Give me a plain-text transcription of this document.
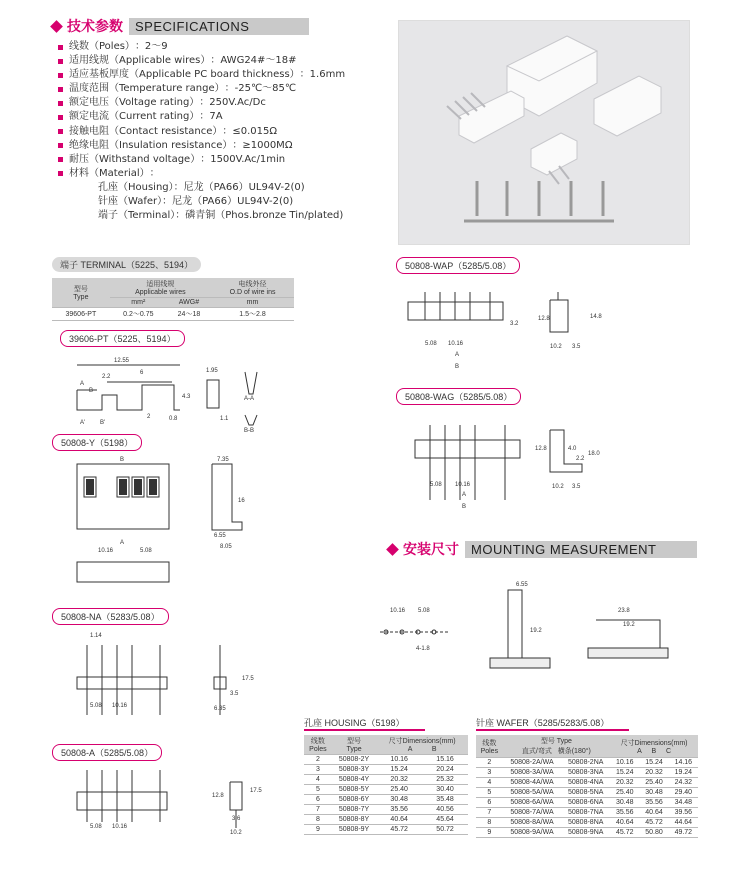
技术参数 SPECIFICATIONS
线数 （Poles） ：2～9
适用线规 （Applicable wires） ：AWG24#～18#
适应基板厚度 （Applicable PC board thickness） ：1.6mm
温度范围 （Temperature range） ：-25℃～85℃
额定电压 （Voltage rating） ：250V.Ac/Dc
额定电流 （Current rating） ：7A
接触电阻 （Contact resistance） ：≤0.015Ω
绝缘电阻 （Insulation resistance） ：≥1000MΩ
耐压 （Withstand voltage） ：1500V.Ac/1min
材料 （Material） ：
孔座（Housing）：尼龙（PA66）UL94V-2(0)
针座（Wafer）：尼龙（PA66）UL94V-2(0)
端子（Terminal）：磷青铜（Phos.bronze Tin/plated)
端子 TERMINAL（5225、5194）
型号
Type	适用线规
Applicable wires		电线外径
O.D of wire ins
	mm²	AWG#	mm
39606-PT	0.2～0.75	24～18	1.5～2.8
39606-PT（5225、5194）
12.55
2.2
6
4.3
2	0.8
1.95
1.1
A-A
B-B
A
B
A' B'
50808-Y（5198）
B	7.35
16
6.55
8.05
A
10.16	5.08
50808-NA（5283/5.08）
1.14
17.5
3.5
6.35
5.08 10.16
50808-A（5285/5.08）
12.8
17.5
3.6
10.2
5.08 10.16
50808-WAP（5285/5.08）
3.2
12.8	14.8
10.2 3.5
5.08 10.16
A
B
50808-WAG（5285/5.08）
12.8
18.0
4.0
2.2
10.2 3.5
5.08 10.16
A
B
安装尺寸 MOUNTING MEASUREMENT
10.16 5.08
4-1.8
6.55
19.2
23.8
19.2
孔座 HOUSING（5198）
线数
Poles	型号
Type	尺寸Dimensions(mm)
A B	
2	50808-2Y	10.16	15.16
3	50808-3Y	15.24	20.24
4	50808-4Y	20.32	25.32
5	50808-5Y	25.40	30.40
6	50808-6Y	30.48	35.48
7	50808-7Y	35.56	40.56
8	50808-8Y	40.64	45.64
9	50808-9Y	45.72	50.72
针座 WAFER（5285/5283/5.08）
线数
Poles	型号 Type
直式/弯式 横条(180°)		尺寸Dimensions(mm)
A B C		
2	50808-2A/WA	50808-2NA	10.16	15.24	14.16
3	50808-3A/WA	50808-3NA	15.24	20.32	19.24
4	50808-4A/WA	50808-4NA	20.32	25.40	24.32
5	50808-5A/WA	50808-5NA	25.40	30.48	29.40
6	50808-6A/WA	50808-6NA	30.48	35.56	34.48
7	50808-7A/WA	50808-7NA	35.56	40.64	39.56
8	50808-8A/WA	50808-8NA	40.64	45.72	44.64
9	50808-9A/WA	50808-9NA	45.72	50.80	49.72
